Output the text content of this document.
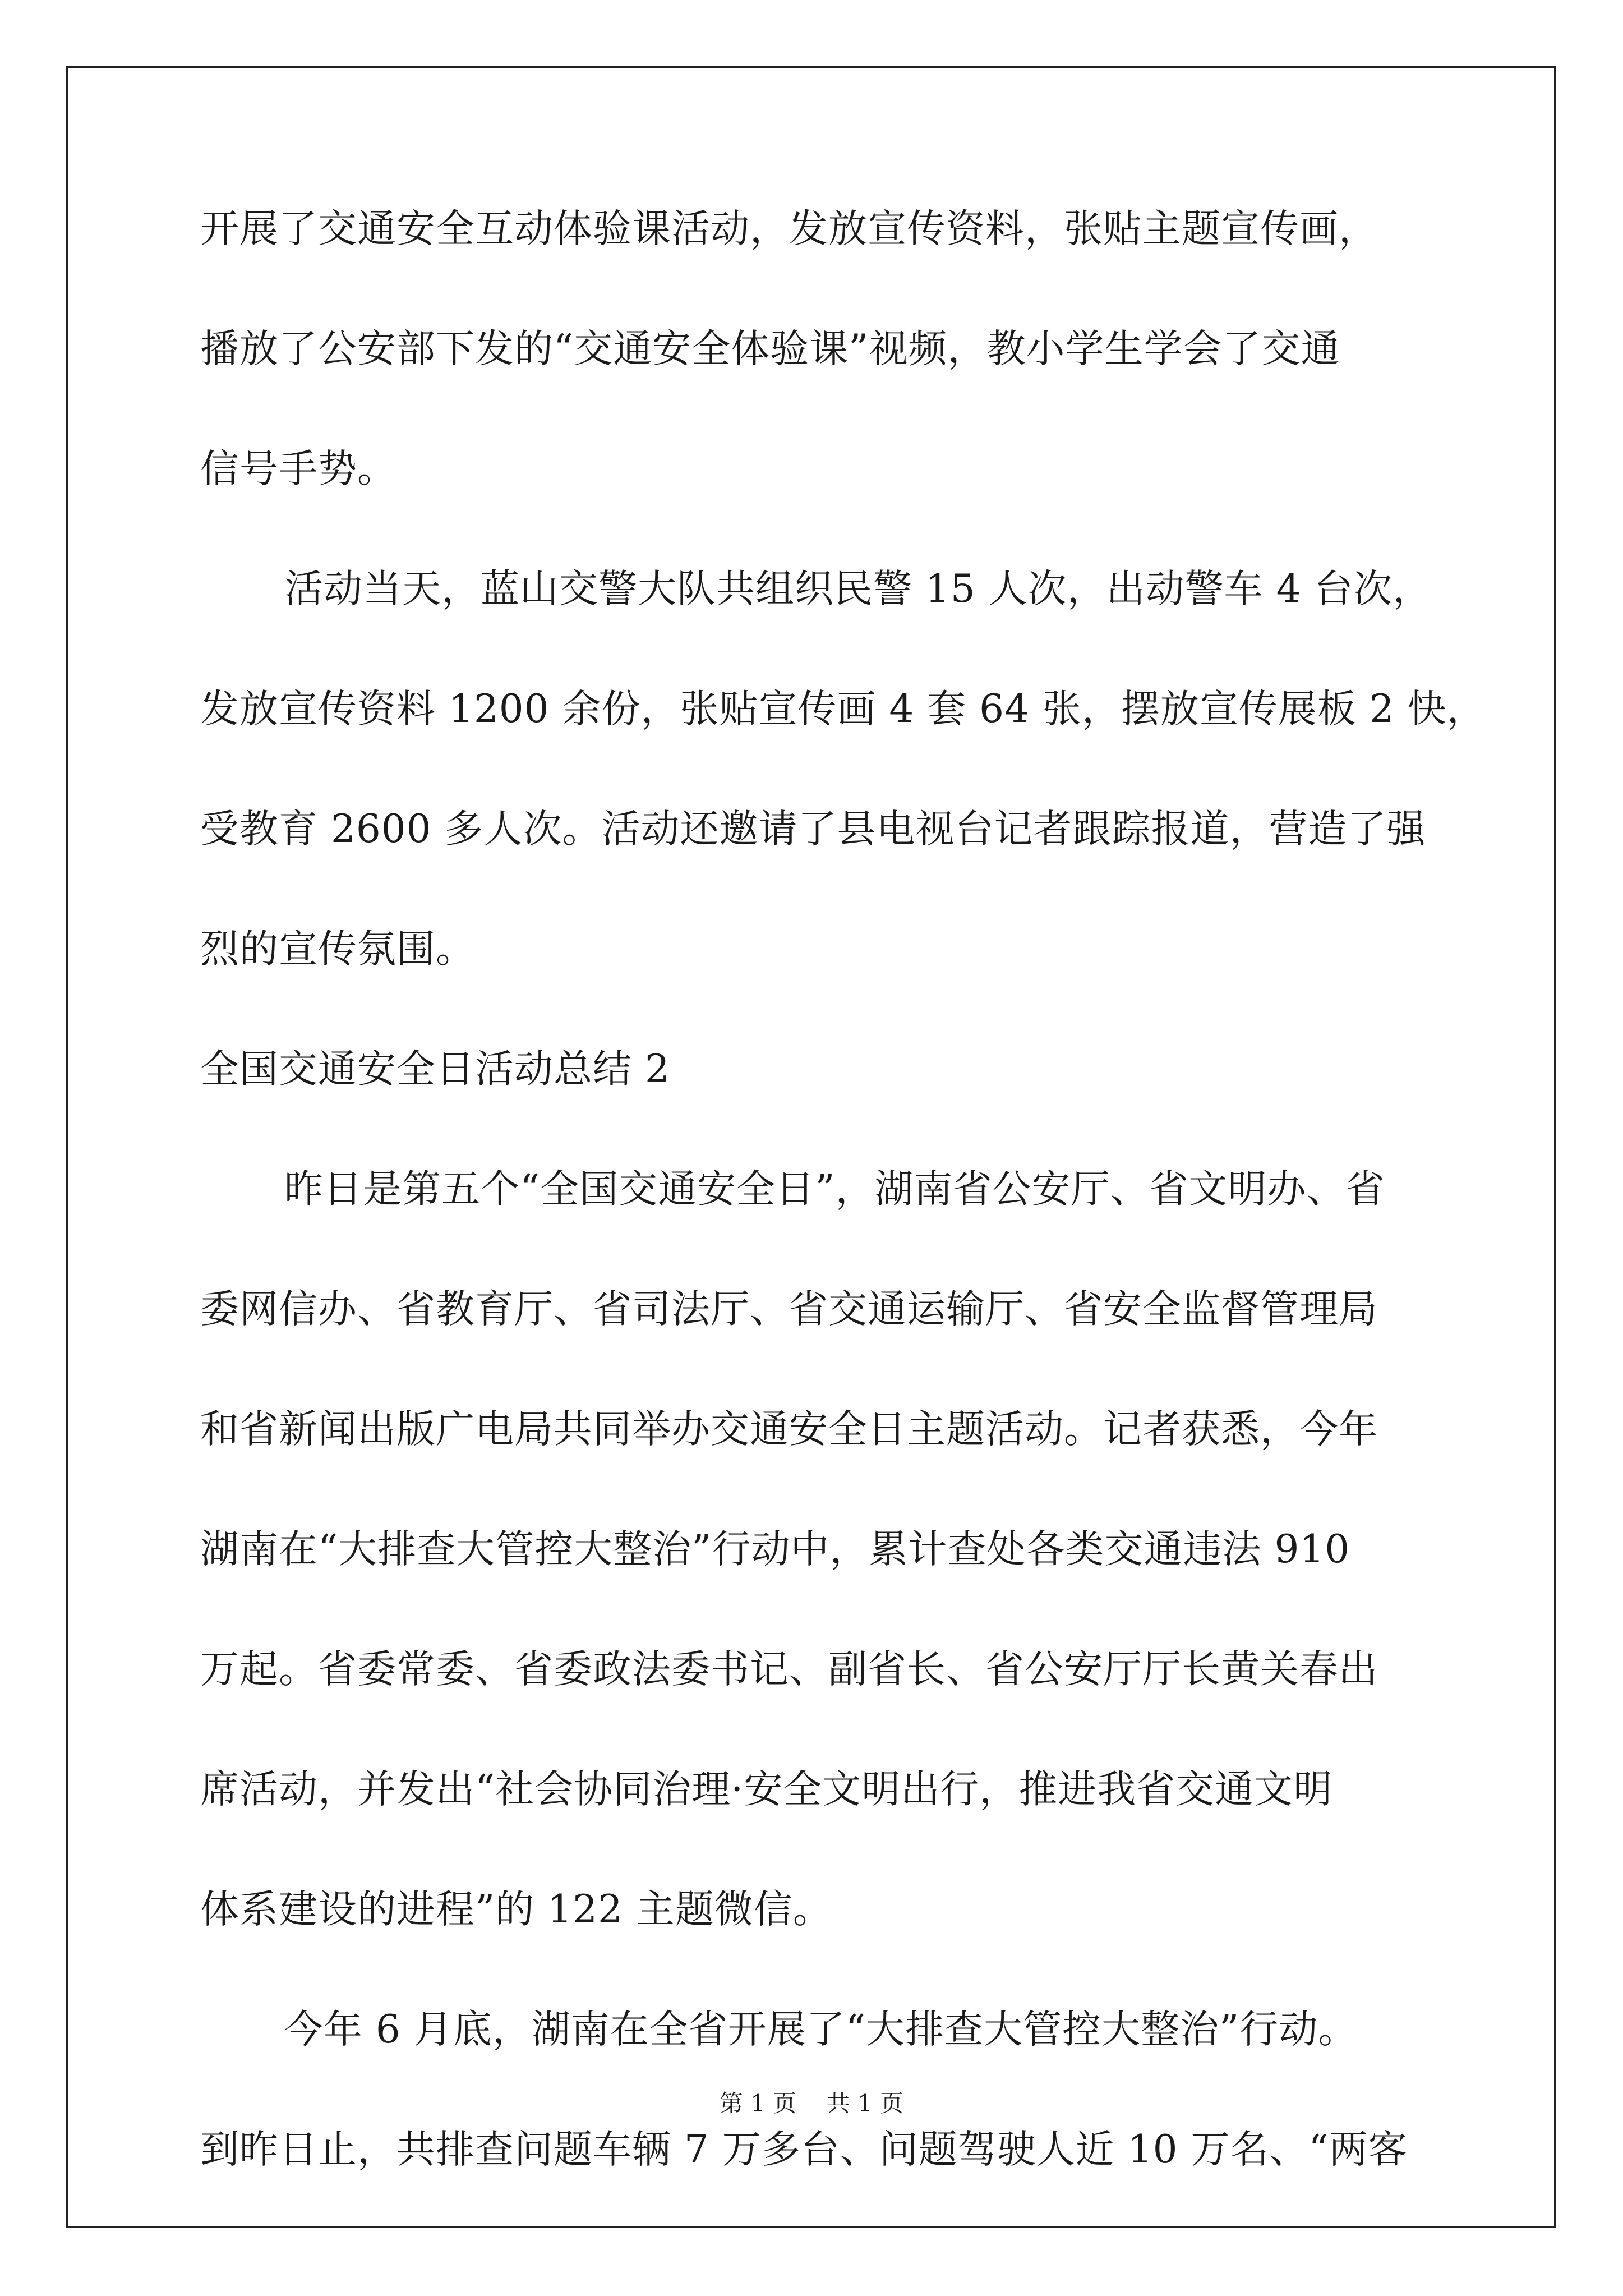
开展了交通安全互动体验课活动，发放宣传资料，张贴主题宣传画，

播放了公安部下发的“交通安全体验课”视频，教小学生学会了交通

信号手势。

活动当天，蓝山交警大队共组织民警 15 人次，出动警车 4 台次，

发放宣传资料 1200 余份，张贴宣传画 4 套 64 张，摆放宣传展板 2 快，

受教育 2600 多人次。活动还邀请了县电视台记者跟踪报道，营造了强

烈的宣传氛围。

全国交通安全日活动总结 2

昨日是第五个“全国交通安全日”，湖南省公安厅、省文明办、省

委网信办、省教育厅、省司法厅、省交通运输厅、省安全监督管理局

和省新闻出版广电局共同举办交通安全日主题活动。记者获悉，今年

湖南在“大排查大管控大整治”行动中，累计查处各类交通违法 910

万起。省委常委、省委政法委书记、副省长、省公安厅厅长黄关春出

席活动，并发出“社会协同治理·安全文明出行，推进我省交通文明

体系建设的进程”的 122 主题微信。

今年 6 月底，湖南在全省开展了“大排查大管控大整治”行动。

到昨日止，共排查问题车辆 7 万多台、问题驾驶人近 10 万名、“两客

第 1 页 共 1 页
